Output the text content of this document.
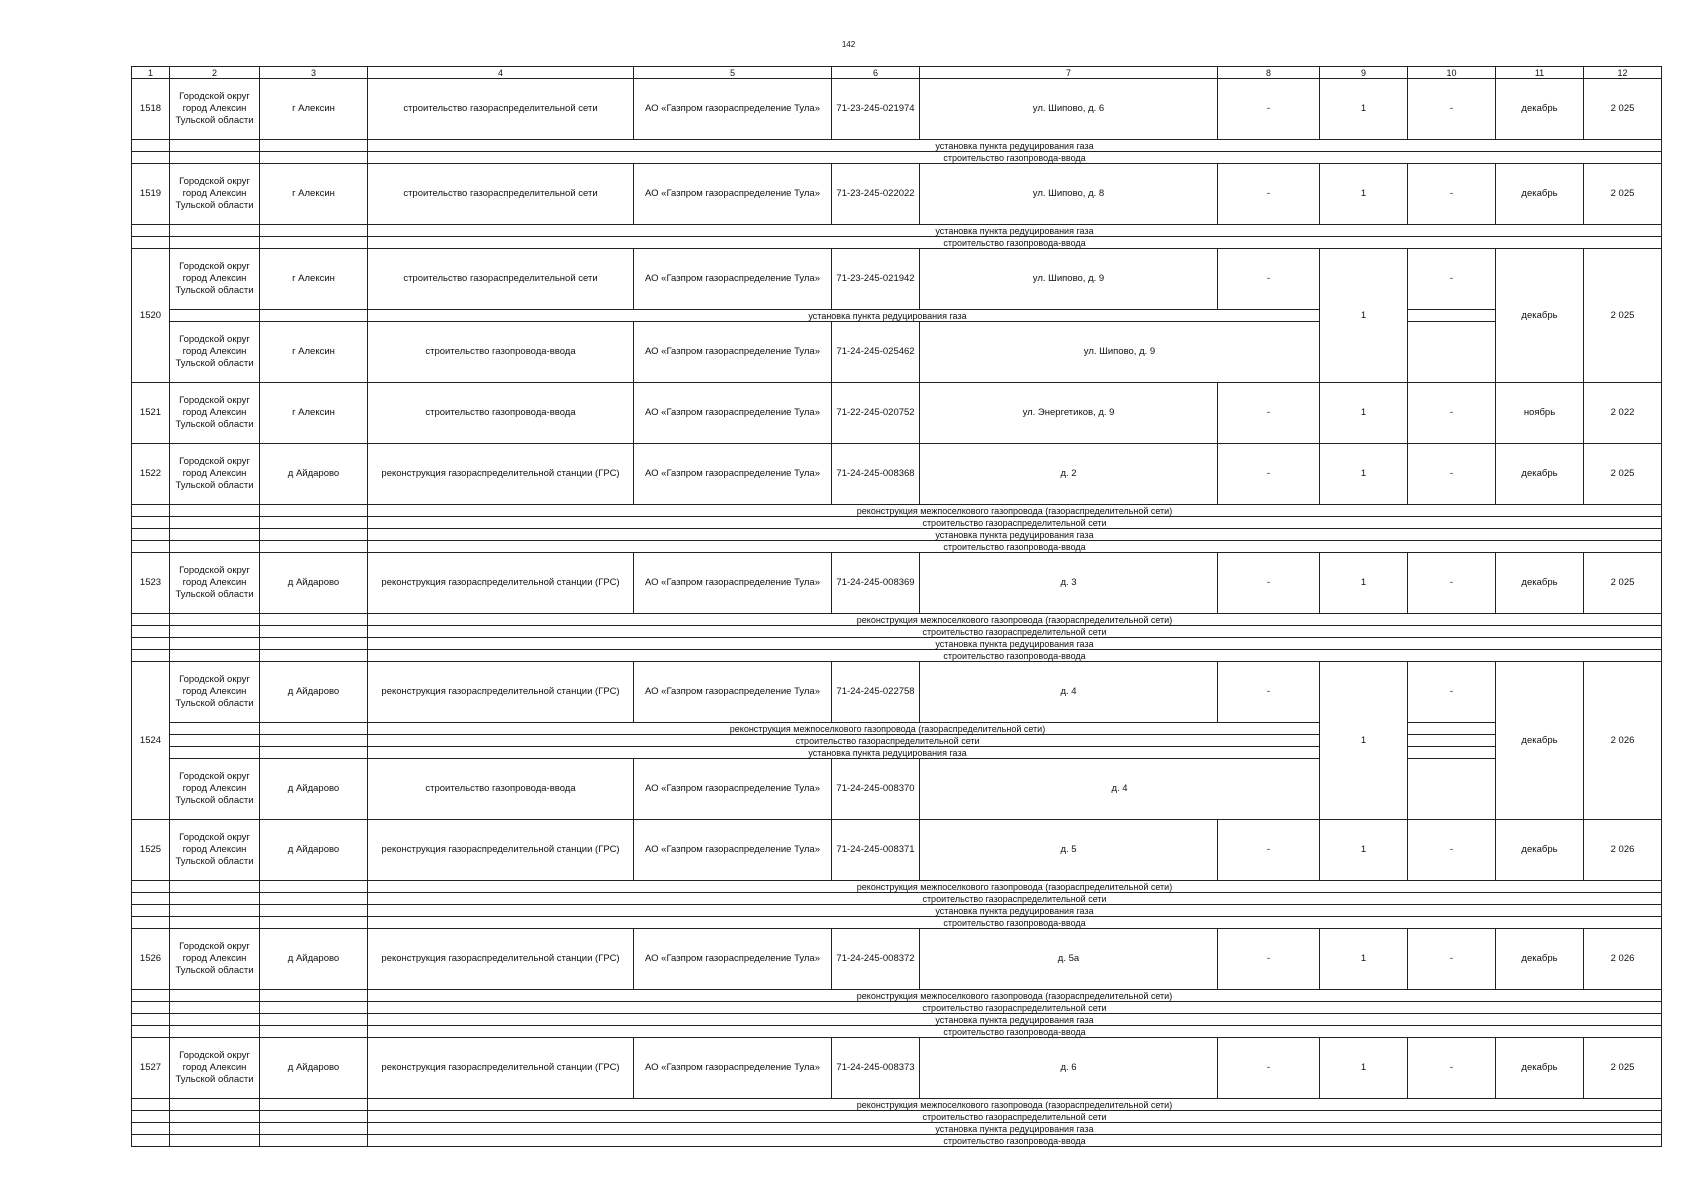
142
1	2	3	4	5	6	7	8	9	10	11	12
1518	Городской округ город Алексин Тульской области	г Алексин	строительство газораспределительной сети	АО «Газпром газораспределение Тула»	71-23-245-021974	ул. Шипово, д. 6	-	1	-	декабрь	2 025
			установка пункта редуцирования газа								
			строительство газопровода-ввода								
1519	Городской округ город Алексин Тульской области	г Алексин	строительство газораспределительной сети	АО «Газпром газораспределение Тула»	71-23-245-022022	ул. Шипово, д. 8	-	1	-	декабрь	2 025
			установка пункта редуцирования газа								
			строительство газопровода-ввода								
1520	Городской округ город Алексин Тульской области	г Алексин	строительство газораспределительной сети	АО «Газпром газораспределение Тула»	71-23-245-021942	ул. Шипово, д. 9	-	1	-	декабрь	2 025
			установка пункта редуцирования газа								
	Городской округ город Алексин Тульской области	г Алексин	строительство газопровода-ввода	АО «Газпром газораспределение Тула»	71-24-245-025462	ул. Шипово, д. 9					
1521	Городской округ город Алексин Тульской области	г Алексин	строительство газопровода-ввода	АО «Газпром газораспределение Тула»	71-22-245-020752	ул. Энергетиков, д. 9	-	1	-	ноябрь	2 022
1522	Городской округ город Алексин Тульской области	д Айдарово	реконструкция газораспределительной станции (ГРС)	АО «Газпром газораспределение Тула»	71-24-245-008368	д. 2	-	1	-	декабрь	2 025
			реконструкция межпоселкового газопровода (газораспределительной сети)								
			строительство газораспределительной сети								
			установка пункта редуцирования газа								
			строительство газопровода-ввода								
1523	Городской округ город Алексин Тульской области	д Айдарово	реконструкция газораспределительной станции (ГРС)	АО «Газпром газораспределение Тула»	71-24-245-008369	д. 3	-	1	-	декабрь	2 025
			реконструкция межпоселкового газопровода (газораспределительной сети)								
			строительство газораспределительной сети								
			установка пункта редуцирования газа								
			строительство газопровода-ввода								
1524	Городской округ город Алексин Тульской области	д Айдарово	реконструкция газораспределительной станции (ГРС)	АО «Газпром газораспределение Тула»	71-24-245-022758	д. 4	-	1	-	декабрь	2 026
			реконструкция межпоселкового газопровода (газораспределительной сети)								
			строительство газораспределительной сети								
			установка пункта редуцирования газа								
	Городской округ город Алексин Тульской области	д Айдарово	строительство газопровода-ввода	АО «Газпром газораспределение Тула»	71-24-245-008370	д. 4					
1525	Городской округ город Алексин Тульской области	д Айдарово	реконструкция газораспределительной станции (ГРС)	АО «Газпром газораспределение Тула»	71-24-245-008371	д. 5	-	1	-	декабрь	2 026
			реконструкция межпоселкового газопровода (газораспределительной сети)								
			строительство газораспределительной сети								
			установка пункта редуцирования газа								
			строительство газопровода-ввода								
1526	Городской округ город Алексин Тульской области	д Айдарово	реконструкция газораспределительной станции (ГРС)	АО «Газпром газораспределение Тула»	71-24-245-008372	д. 5а	-	1	-	декабрь	2 026
			реконструкция межпоселкового газопровода (газораспределительной сети)								
			строительство газораспределительной сети								
			установка пункта редуцирования газа								
			строительство газопровода-ввода								
1527	Городской округ город Алексин Тульской области	д Айдарово	реконструкция газораспределительной станции (ГРС)	АО «Газпром газораспределение Тула»	71-24-245-008373	д. 6	-	1	-	декабрь	2 025
			реконструкция межпоселкового газопровода (газораспределительной сети)								
			строительство газораспределительной сети								
			установка пункта редуцирования газа								
			строительство газопровода-ввода								
